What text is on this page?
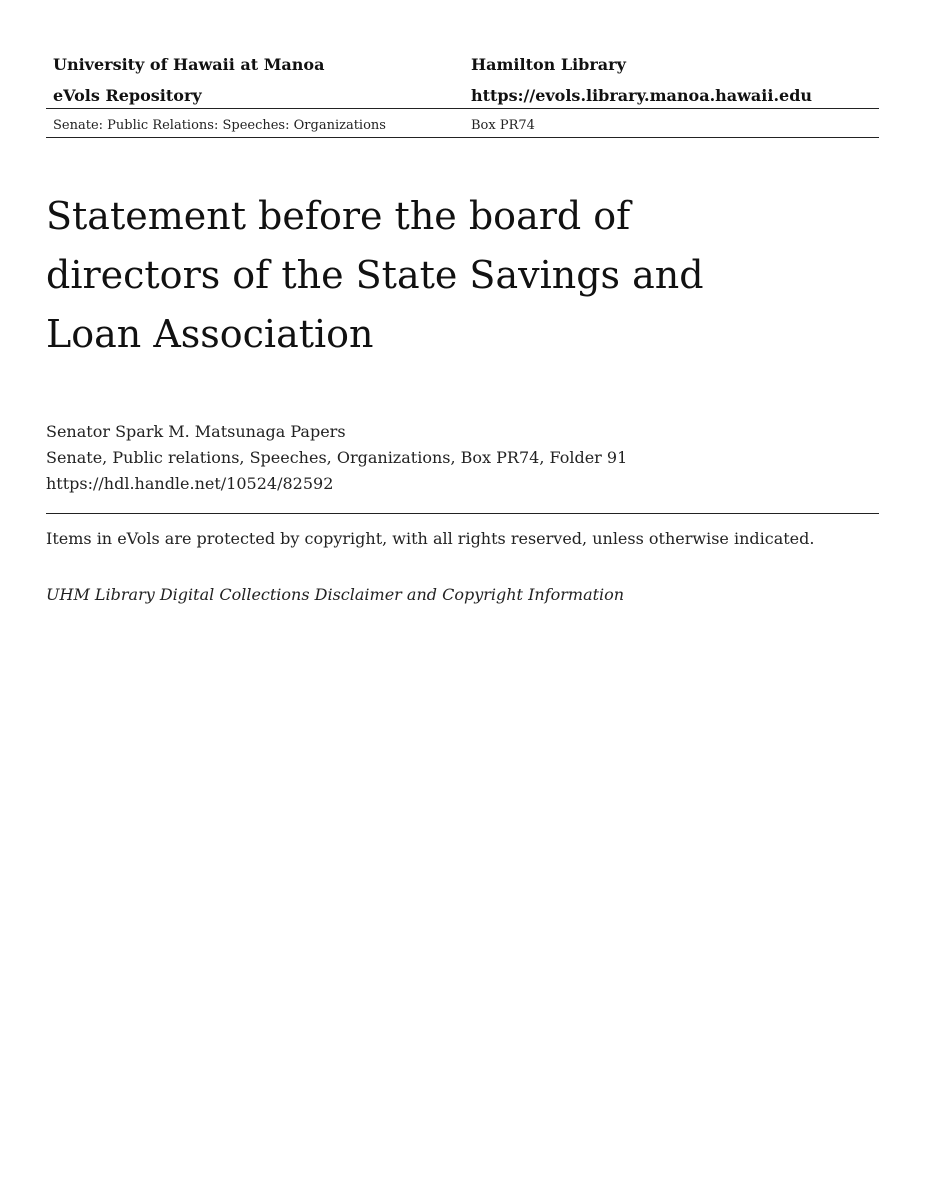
University of Hawaii at Manoa	Hamilton Library
eVols Repository	https://evols.library.manoa.hawaii.edu
Senate: Public Relations: Speeches: Organizations	Box PR74
Statement before the board of directors of the State Savings and Loan Association
Senator Spark M. Matsunaga Papers
Senate, Public relations, Speeches, Organizations, Box PR74, Folder 91
https://hdl.handle.net/10524/82592
Items in eVols are protected by copyright, with all rights reserved, unless otherwise indicated.
UHM Library Digital Collections Disclaimer and Copyright Information
